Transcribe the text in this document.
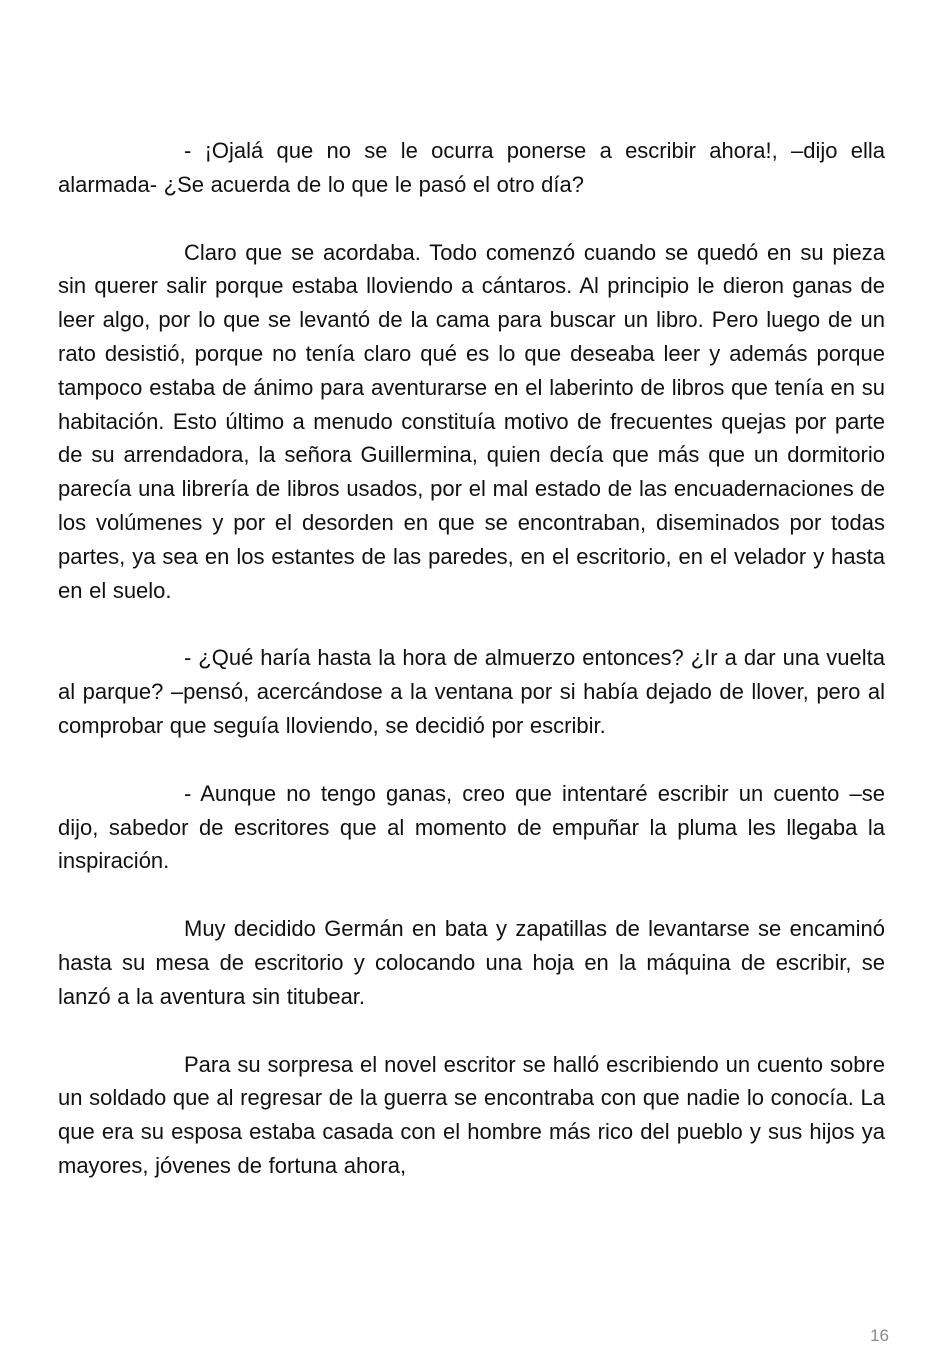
- ¡Ojalá que no se le ocurra ponerse a escribir ahora!, –dijo ella alarmada- ¿Se acuerda de lo que le pasó el otro día?

Claro que se acordaba. Todo comenzó cuando se quedó en su pieza sin querer salir porque estaba lloviendo a cántaros. Al principio le dieron ganas de leer algo, por lo que se levantó de la cama para buscar un libro. Pero luego de un rato desistió, porque no tenía claro qué es lo que deseaba leer y además porque tampoco estaba de ánimo para aventurarse en el laberinto de libros que tenía en su habitación. Esto último a menudo constituía motivo de frecuentes quejas por parte de su arrendadora, la señora Guillermina, quien decía que más que un dormitorio parecía una librería de libros usados, por el mal estado de las encuadernaciones de los volúmenes y por el desorden en que se encontraban, diseminados por todas partes, ya sea en los estantes de las paredes, en el escritorio, en el velador y hasta en el suelo.

- ¿Qué haría hasta la hora de almuerzo entonces? ¿Ir a dar una vuelta al parque? –pensó, acercándose a la ventana por si había dejado de llover, pero al comprobar que seguía lloviendo, se decidió por escribir.

- Aunque no tengo ganas, creo que intentaré escribir un cuento –se dijo, sabedor de escritores que al momento de empuñar la pluma les llegaba la inspiración.

Muy decidido Germán en bata y zapatillas de levantarse se encaminó hasta su mesa de escritorio y colocando una hoja en la máquina de escribir, se lanzó a la aventura sin titubear.

Para su sorpresa el novel escritor se halló escribiendo un cuento sobre un soldado que al regresar de la guerra se encontraba con que nadie lo conocía. La que era su esposa estaba casada con el hombre más rico del pueblo y sus hijos ya mayores, jóvenes de fortuna ahora,

16
